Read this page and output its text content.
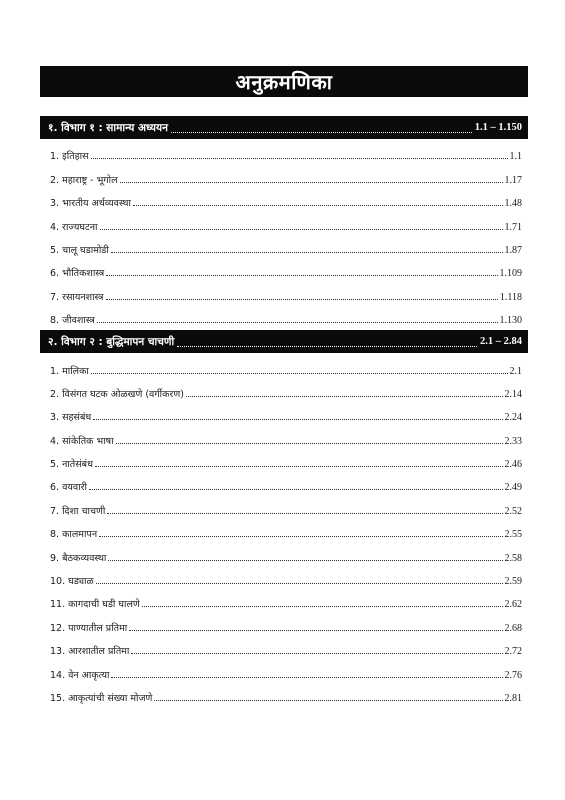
अनुक्रमणिका
१. विभाग १ : सामान्य अध्ययन	1.1 – 1.150
1. इतिहास	1.1
2. महाराष्ट्र - भूगोल	1.17
3. भारतीय अर्थव्यवस्था	1.48
4. राज्यघटना	1.71
5. चालू घडामोडी	1.87
6. भौतिकशास्त्र	1.109
7. रसायनशास्त्र	1.118
8. जीवशास्त्र	1.130
२. विभाग २ : बुद्धिमापन चाचणी	2.1 – 2.84
1. मालिका	2.1
2. विसंगत घटक ओळखणे (वर्गीकरण)	2.14
3. सहसंबंध	2.24
4. सांकेतिक भाषा	2.33
5. नातेसंबंध	2.46
6. वयवारी	2.49
7. दिशा चाचणी	2.52
8. कालमापन	2.55
9. बैठकव्यवस्था	2.58
10. घड्याळ	2.59
11. कागदाची घडी घालणे	2.62
12. पाण्यातील प्रतिमा	2.68
13. आरशातील प्रतिमा	2.72
14. वेन आकृत्या	2.76
15. आकृत्यांची संख्या मोजणे	2.81
